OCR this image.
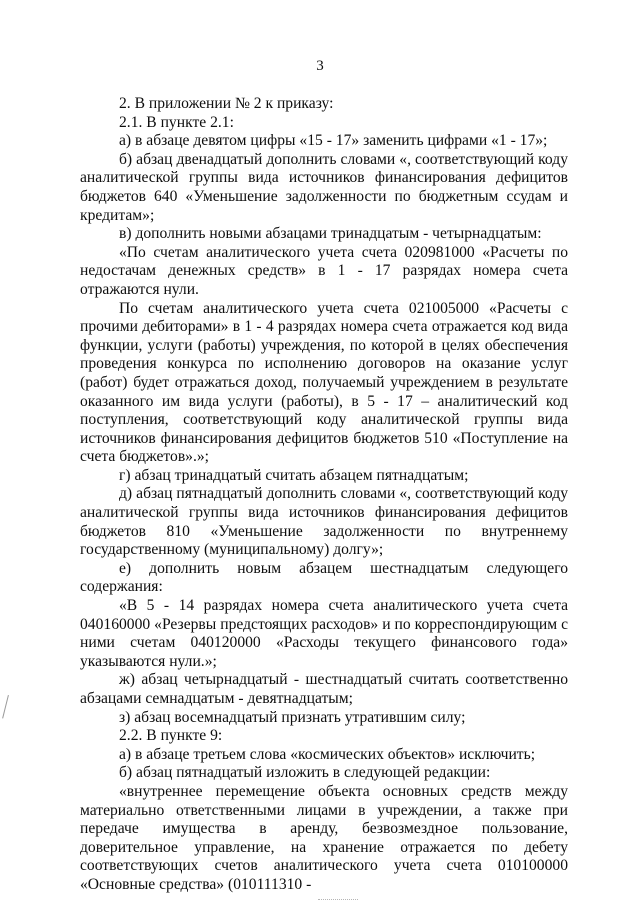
3

2. В приложении № 2 к приказу:

2.1. В пункте 2.1:

а) в абзаце девятом цифры «15 - 17» заменить цифрами «1 - 17»;

б) абзац двенадцатый дополнить словами «, соответствующий коду аналитической группы вида источников финансирования дефицитов бюджетов 640 «Уменьшение задолженности по бюджетным ссудам и кредитам»;

в) дополнить новыми абзацами тринадцатым - четырнадцатым:

«По счетам аналитического учета счета 020981000 «Расчеты по недостачам денежных средств» в 1 - 17 разрядах номера счета отражаются нули.

По счетам аналитического учета счета 021005000 «Расчеты с прочими дебиторами» в 1 - 4 разрядах номера счета отражается код вида функции, услуги (работы) учреждения, по которой в целях обеспечения проведения конкурса по исполнению договоров на оказание услуг (работ) будет отражаться доход, получаемый учреждением в результате оказанного им вида услуги (работы), в 5 - 17 – аналитический код поступления, соответствующий коду аналитической группы вида источников финансирования дефицитов бюджетов 510 «Поступление на счета бюджетов».»;

г) абзац тринадцатый считать абзацем пятнадцатым;

д) абзац пятнадцатый дополнить словами «, соответствующий коду аналитической группы вида источников финансирования дефицитов бюджетов 810 «Уменьшение задолженности по внутреннему государственному (муниципальному) долгу»;

е) дополнить новым абзацем шестнадцатым следующего содержания:

«В 5 - 14 разрядах номера счета аналитического учета счета 040160000 «Резервы предстоящих расходов» и по корреспондирующим с ними счетам 040120000 «Расходы текущего финансового года» указываются нули.»;

ж) абзац четырнадцатый - шестнадцатый считать соответственно абзацами семнадцатым - девятнадцатым;

з) абзац восемнадцатый признать утратившим силу;

2.2. В пункте 9:

а) в абзаце третьем слова «космических объектов» исключить;

б) абзац пятнадцатый изложить в следующей редакции:

«внутреннее перемещение объекта основных средств между материально ответственными лицами в учреждении, а также при передаче имущества в аренду, безвозмездное пользование, доверительное управление, на хранение отражается по дебету соответствующих счетов аналитического учета счета 010100000 «Основные средства» (010111310 -
